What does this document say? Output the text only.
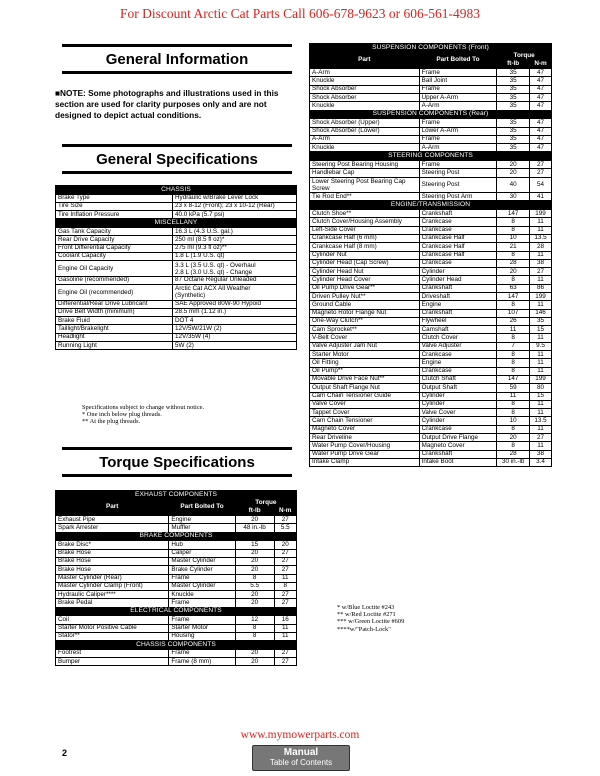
For Discount Arctic Cat Parts Call 606-678-9623 or 606-561-4983
General Information
■NOTE: Some photographs and illustrations used in this section are used for clarity purposes only and are not designed to depict actual conditions.
General Specifications
CHASSIS	
Brake Type	Hydraulic w/Brake Lever Lock
Tire Size	23 x 8-12 (Front); 23 x 10-12 (Rear)
Tire Inflation Pressure	40.0 kPa (5.7 psi)
MISCELLANY	
Gas Tank Capacity	16.3 L (4.3 U.S. gal.)
Rear Drive Capacity	250 ml (8.5 fl oz)*
Front Differential Capacity	275 ml (9.3 fl oz)**
Coolant Capacity	1.8 L (1.9 U.S. qt)
Engine Oil Capacity	3.3 L (3.5 U.S. qt) - Overhaul
2.8 L (3.0 U.S. qt) - Change
Gasoline (recommended)	87 Octane Regular Unleaded
Engine Oil (recommended)	Arctic Cat ACX All Weather
(Synthetic)
Differential/Rear Drive Lubricant	SAE Approved 80W-90 Hypoid
Drive Belt Width (minimum)	28.5 mm (1.12 in.)
Brake Fluid	DOT 4
Taillight/Brakelight	12V/5W/21W (2)
Headlight	12V/35W (4)
Running Light	5W (2)
Specifications subject to change without notice.
* One inch below plug threads.
** At the plug threads.
Torque Specifications
EXHAUST COMPONENTS			
Part	Part Bolted To	Torque	
		ft-lb	N-m
Exhaust Pipe	Engine	20	27
Spark Arrester	Muffler	48 in.-lb	5.5
BRAKE COMPONENTS			
Brake Disc*	Hub	15	20
Brake Hose	Caliper	20	27
Brake Hose	Master Cylinder	20	27
Brake Hose	Brake Cylinder	20	27
Master Cylinder (Rear)	Frame	8	11
Master Cylinder Clamp (Front)	Master Cylinder	5.5	8
Hydraulic Caliper****	Knuckle	20	27
Brake Pedal	Frame	20	27
ELECTRICAL COMPONENTS			
Coil	Frame	12	16
Starter Motor Positive Cable	Starter Motor	8	11
Stator**	Housing	8	11
CHASSIS COMPONENTS			
Footrest	Frame	20	27
Bumper	Frame (8 mm)	20	27
SUSPENSION COMPONENTS (Front)			
Part	Part Bolted To	Torque	
		ft-lb	N-m
A-Arm	Frame	35	47
Knuckle	Ball Joint	35	47
Shock Absorber	Frame	35	47
Shock Absorber	Upper A-Arm	35	47
Knuckle	A-Arm	35	47
SUSPENSION COMPONENTS (Rear)			
Shock Absorber (Upper)	Frame	35	47
Shock Absorber (Lower)	Lower A-Arm	35	47
A-Arm	Frame	35	47
Knuckle	A-Arm	35	47
STEERING COMPONENTS			
Steering Post Bearing Housing	Frame	20	27
Handlebar Cap	Steering Post	20	27
Lower Steering Post Bearing Cap Screw	Steering Post	40	54
Tie Rod End**	Steering Post Arm	30	41
ENGINE/TRANSMISSION			
Clutch Shoe**	Crankshaft	147	199
Clutch Cover/Housing Assembly	Crankcase	8	11
Left-Side Cover	Crankcase	8	11
Crankcase Half (6 mm)	Crankcase Half	10	13.5
Crankcase Half (8 mm)	Crankcase Half	21	28
Cylinder Nut	Crankcase Half	8	11
Cylinder Head (Cap Screw)	Crankcase	28	38
Cylinder Head Nut	Cylinder	20	27
Cylinder Head Cover	Cylinder Head	8	11
Oil Pump Drive Gear**	Crankshaft	63	86
Driven Pulley Nut**	Driveshaft	147	199
Ground Cable	Engine	8	11
Magneto Rotor Flange Nut	Crankshaft	107	146
One-Way Clutch**	Flywheel	26	35
Cam Sprocket**	Camshaft	11	15
V-Belt Cover	Clutch Cover	8	11
Valve Adjuster Jam Nut	Valve Adjuster	7	9.5
Starter Motor	Crankcase	8	11
Oil Fitting	Engine	8	11
Oil Pump**	Crankcase	8	11
Movable Drive Face Nut**	Clutch Shaft	147	199
Output Shaft Flange Nut	Output Shaft	59	80
Cam Chain Tensioner Guide	Cylinder	11	15
Valve Cover	Cylinder	8	11
Tappet Cover	Valve Cover	8	11
Cam Chain Tensioner	Cylinder	10	13.5
Magneto Cover	Crankcase	8	11
Rear Driveline	Output Drive Flange	20	27
Water Pump Cover/Housing	Magneto Cover	8	11
Water Pump Drive Gear	Crankshaft	28	38
Intake Clamp	Intake Boot	30 in.-lb	3.4
* w/Blue Loctite #243
** w/Red Loctite #271
*** w/Green Loctite #609
****w/"Patch-Lock"
www.mymowerparts.com
2	Manual
Table of Contents
